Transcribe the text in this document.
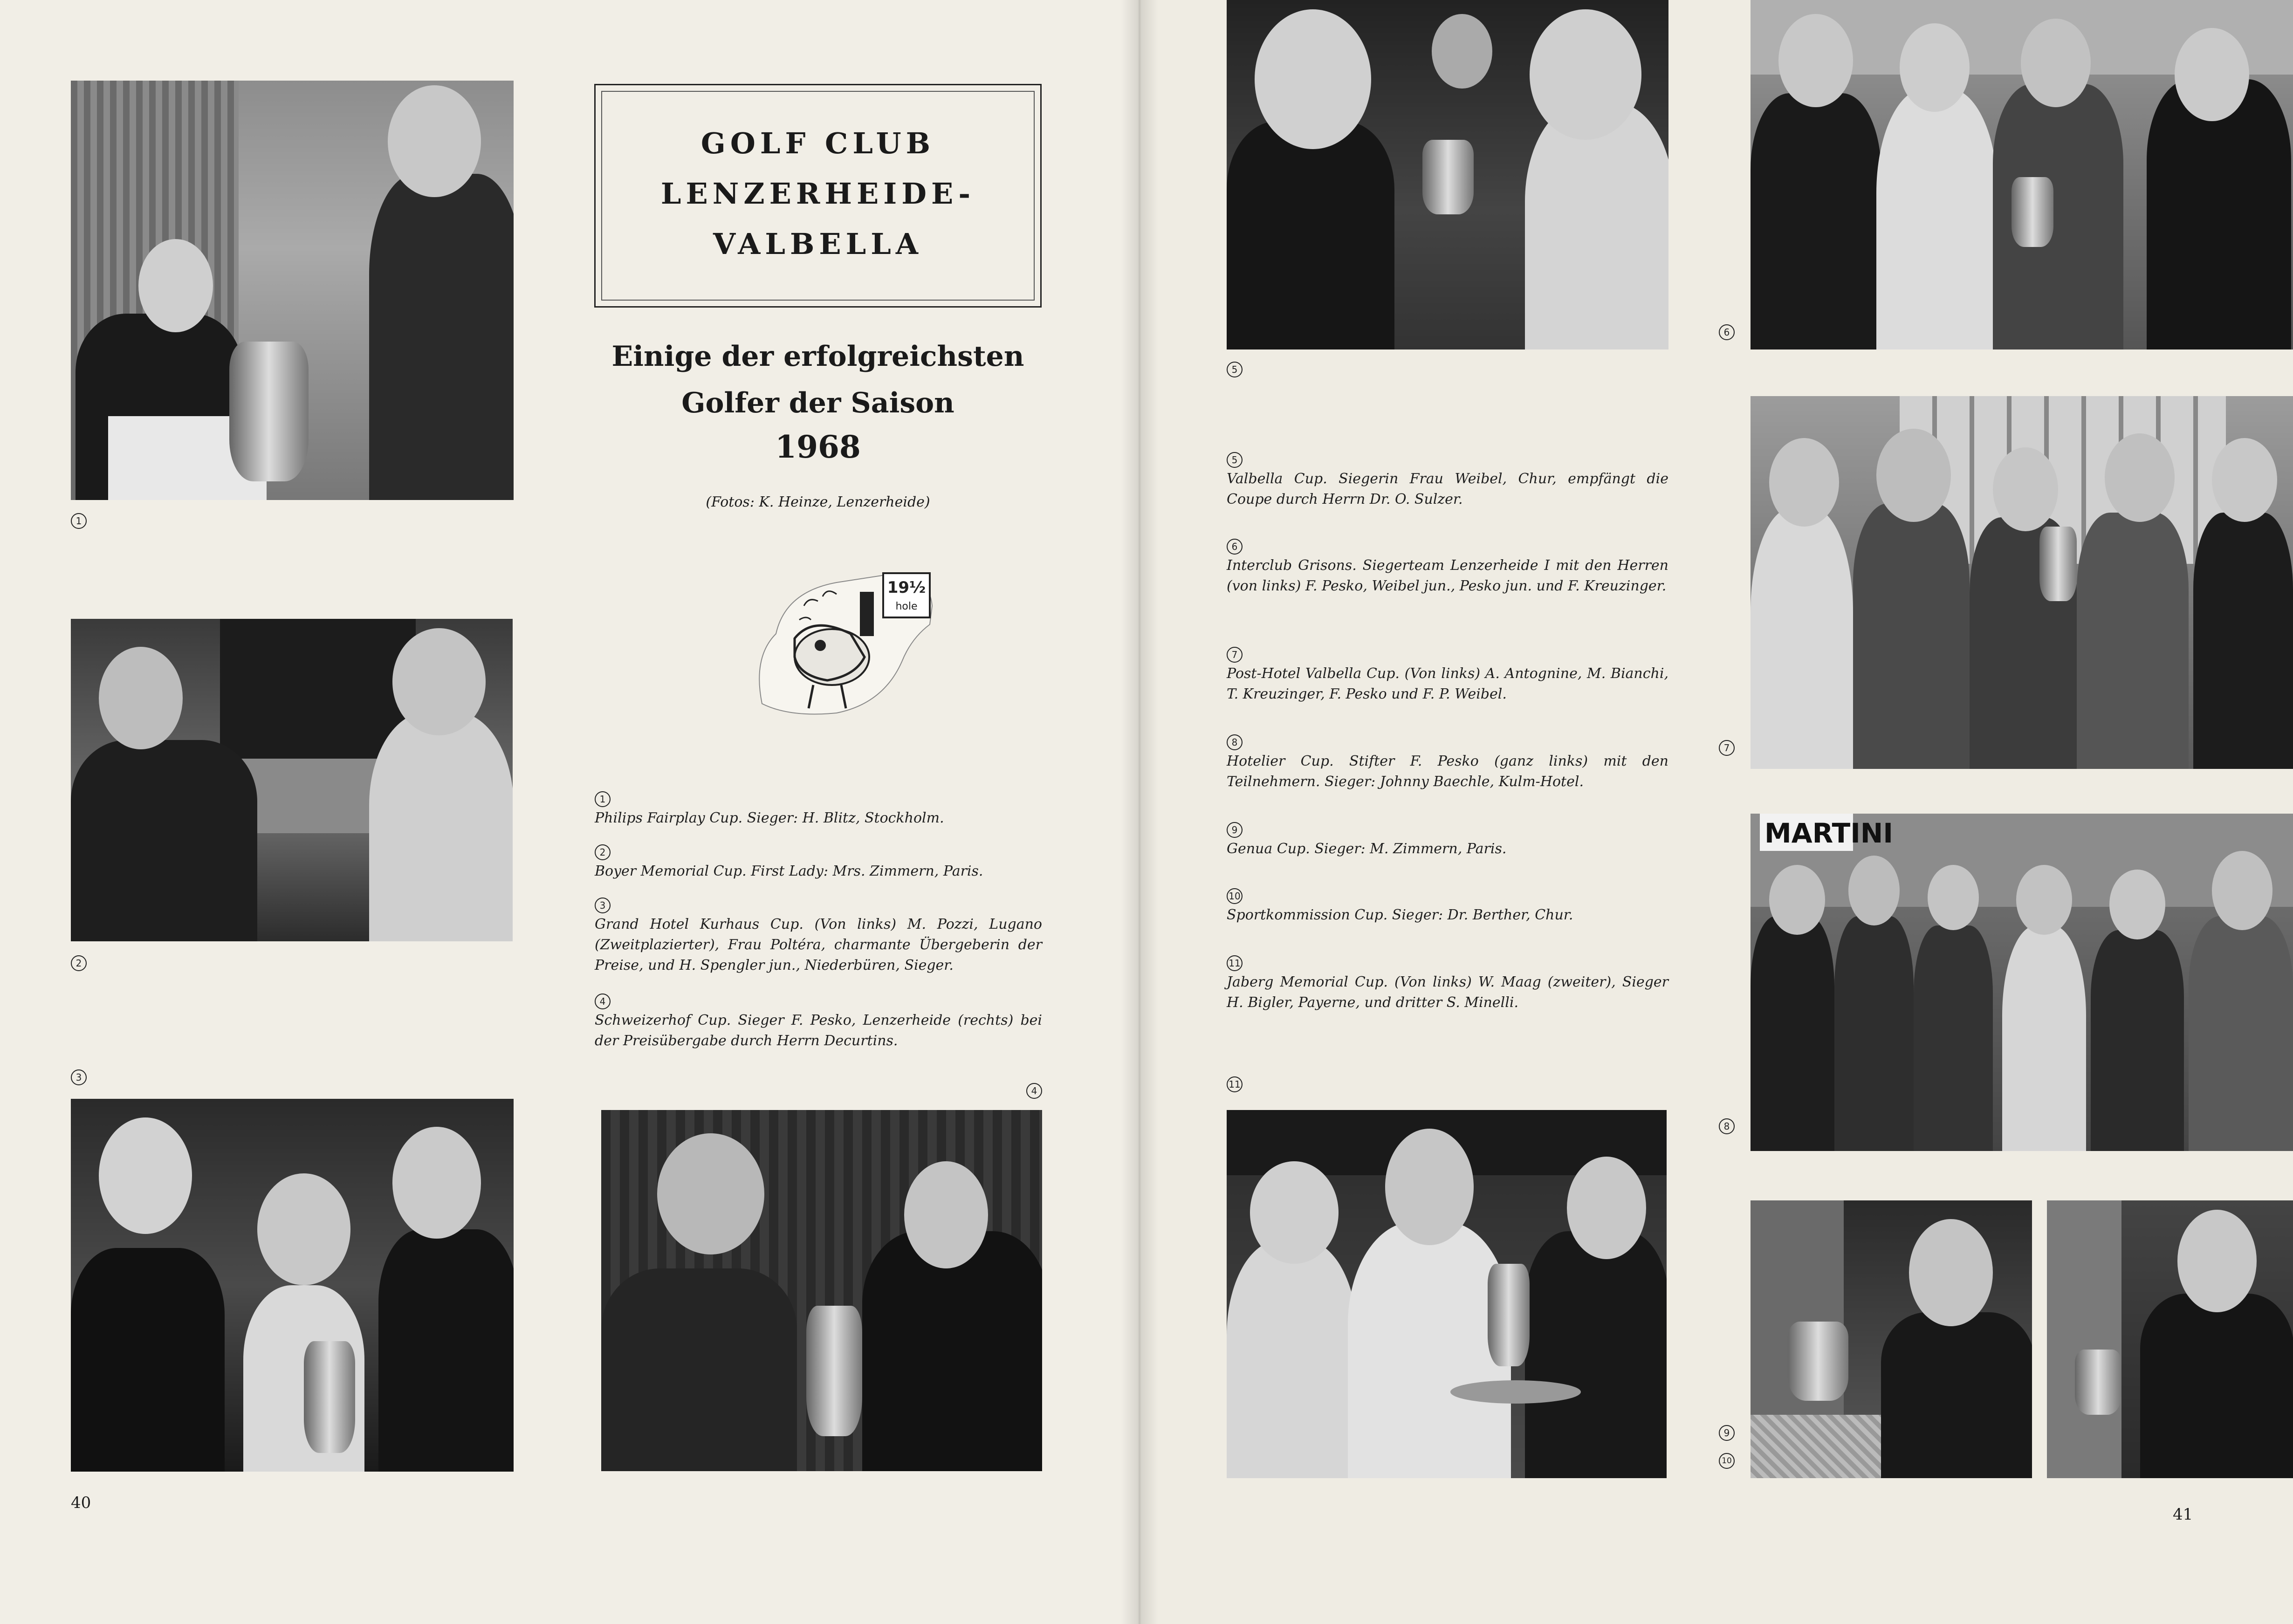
1
2
3
GOLF CLUB
LENZERHEIDE-
VALBELLA
Einige der erfolgreichsten
Golfer der Saison
1968
(Fotos: K. Heinze, Lenzerheide)
19½
hole
1
Philips Fairplay Cup. Sieger: H. Blitz, Stockholm.
2
Boyer Memorial Cup. First Lady: Mrs. Zimmern, Paris.
3
Grand Hotel Kurhaus Cup. (Von links) M. Pozzi, Lugano (Zweitplazierter), Frau Poltéra, charmante Übergeberin der Preise, und H. Spengler jun., Niederbüren, Sieger.
4
Schweizerhof Cup. Sieger F. Pesko, Lenzerheide (rechts) bei der Preisübergabe durch Herrn Decurtins.
4
40
5
6
5
Valbella Cup. Siegerin Frau Weibel, Chur, empfängt die Coupe durch Herrn Dr. O. Sulzer.
6
Interclub Grisons. Siegerteam Lenzerheide I mit den Herren (von links) F. Pesko, Weibel jun., Pesko jun. und F. Kreuzinger.
7
Post-Hotel Valbella Cup. (Von links) A. Antognine, M. Bianchi, T. Kreuzinger, F. Pesko und F. P. Weibel.
8
Hotelier Cup. Stifter F. Pesko (ganz links) mit den Teilnehmern. Sieger: Johnny Baechle, Kulm-Hotel.
9
Genua Cup. Sieger: M. Zimmern, Paris.
10
Sportkommission Cup. Sieger: Dr. Berther, Chur.
11
Jaberg Memorial Cup. (Von links) W. Maag (zweiter), Sieger H. Bigler, Payerne, und dritter S. Minelli.
11
7
MARTINI
8
9
10
41
